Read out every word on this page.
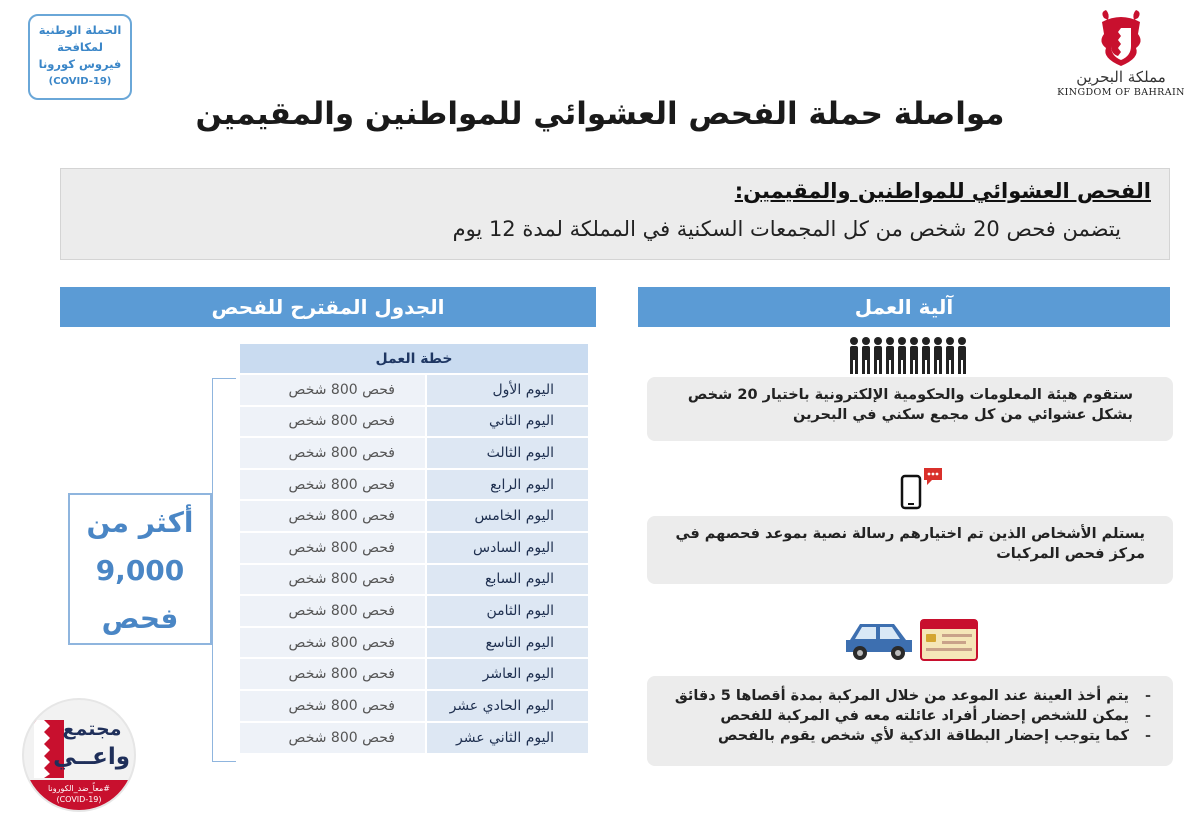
الحملة الوطنية
لمكافحة
فيروس كورونا
(COVID-19)	مملكة البحرين
KINGDOM OF BAHRAIN
مواصلة حملة الفحص العشوائي للمواطنين والمقيمين
الفحص العشوائي للمواطنين والمقيمين:
يتضمن فحص 20 شخص من كل المجمعات السكنية في المملكة لمدة 12 يوم
الجدول المقترح للفحص	آلية العمل
خطة العمل	
اليوم الأول	فحص 800 شخص
اليوم الثاني	فحص 800 شخص
اليوم الثالث	فحص 800 شخص
اليوم الرابع	فحص 800 شخص
اليوم الخامس	فحص 800 شخص
اليوم السادس	فحص 800 شخص
اليوم السابع	فحص 800 شخص
اليوم الثامن	فحص 800 شخص
اليوم التاسع	فحص 800 شخص
اليوم العاشر	فحص 800 شخص
اليوم الحادي عشر	فحص 800 شخص
اليوم الثاني عشر	فحص 800 شخص
أكثر من
9,000
فحص
ستقوم هيئة المعلومات والحكومية الإلكترونية باختيار 20 شخص
بشكل عشوائي من كل مجمع سكني في البحرين
يستلم الأشخاص الذين تم اختيارهم رسالة نصية بموعد فحصهم في
مركز فحص المركبات
- يتم أخذ العينة عند الموعد من خلال المركبة بمدة أقصاها 5 دقائق
- يمكن للشخص إحضار أفراد عائلته معه في المركبة للفحص
- كما يتوجب إحضار البطاقة الذكية لأي شخص يقوم بالفحص
مجتمع
واعــي
#معاً_ضد_الكورونا
(COVID-19)
